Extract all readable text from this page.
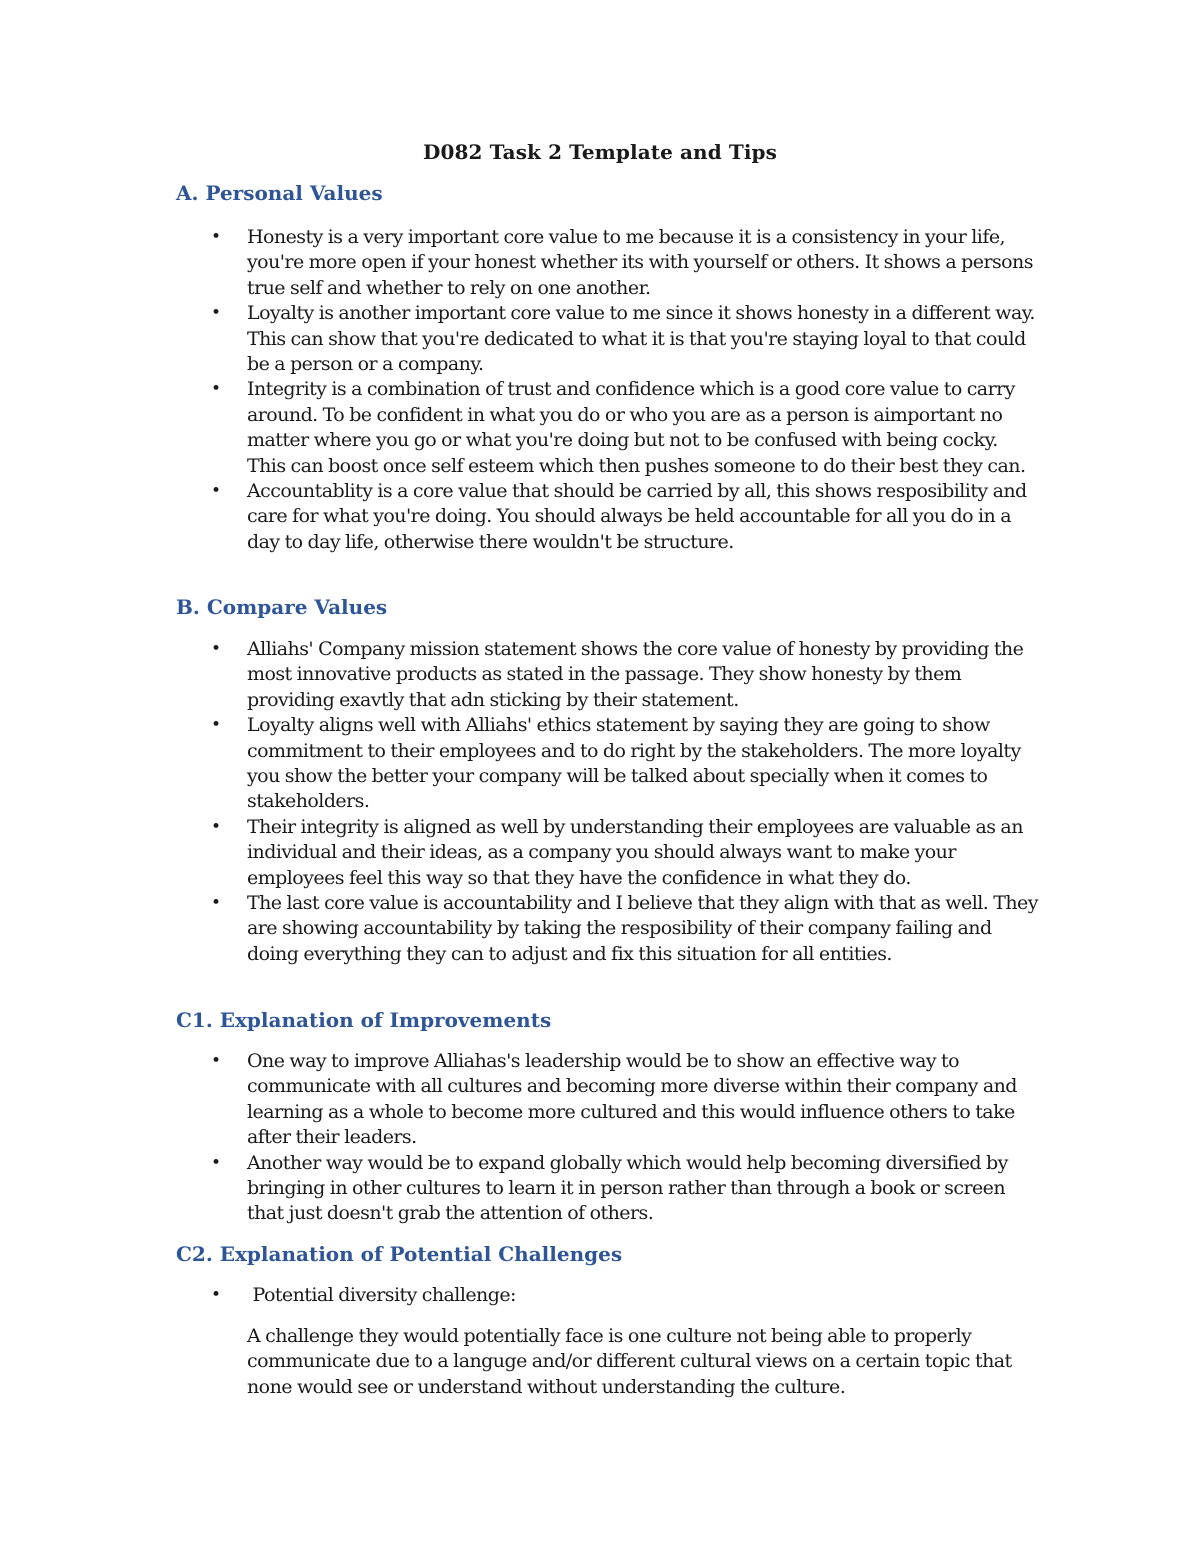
D082 Task 2 Template and Tips
A. Personal Values
• Honesty is a very important core value to me because it is a consistency in your life, you're more open if your honest whether its with yourself or others. It shows a persons true self and whether to rely on one another.
• Loyalty is another important core value to me since it shows honesty in a different way. This can show that you're dedicated to what it is that you're staying loyal to that could be a person or a company.
• Integrity is a combination of trust and confidence which is a good core value to carry around. To be confident in what you do or who you are as a person is aimportant no matter where you go or what you're doing but not to be confused with being cocky. This can boost once self esteem which then pushes someone to do their best they can.
• Accountablity is a core value that should be carried by all, this shows resposibility and care for what you're doing. You should always be held accountable for all you do in a day to day life, otherwise there wouldn't be structure.
B. Compare Values
• Alliahs' Company mission statement shows the core value of honesty by providing the most innovative products as stated in the passage. They show honesty by them providing exavtly that adn sticking by their statement.
• Loyalty aligns well with Alliahs' ethics statement by saying they are going to show commitment to their employees and to do right by the stakeholders. The more loyalty you show the better your company will be talked about specially when it comes to stakeholders.
• Their integrity is aligned as well by understanding their employees are valuable as an individual and their ideas, as a company you should always want to make your employees feel this way so that they have the confidence in what they do.
• The last core value is accountability and I believe that they align with that as well. They are showing accountability by taking the resposibility of their company failing and doing everything they can to adjust and fix this situation for all entities.
C1. Explanation of Improvements
• One way to improve Alliahas's leadership would be to show an effective way to communicate with all cultures and becoming more diverse within their company and learning as a whole to become more cultured and this would influence others to take after their leaders.
• Another way would be to expand globally which would help becoming diversified by bringing in other cultures to learn it in person rather than through a book or screen that just doesn't grab the attention of others.
C2. Explanation of Potential Challenges
• Potential diversity challenge:

A challenge they would potentially face is one culture not being able to properly communicate due to a languge and/or different cultural views on a certain topic that none would see or understand without understanding the culture.
